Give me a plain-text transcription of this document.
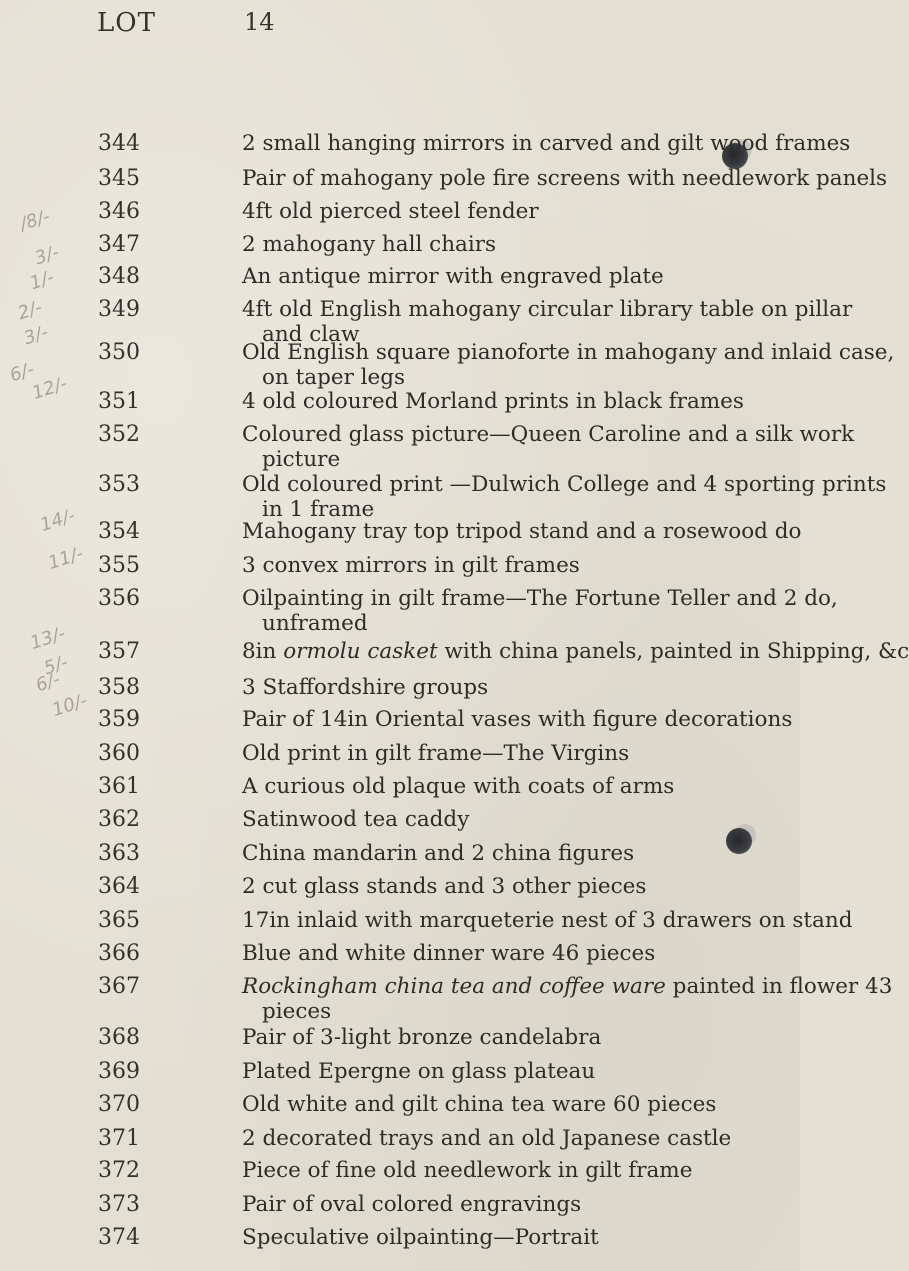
LOT	14
/8/-
3/-
1/-
2/-
3/-
6/-
12/-
14/-
11/-
13/-
5/-
6/-
10/-
344	2 small hanging mirrors in carved and gilt wood frames
345	Pair of mahogany pole fire screens with needlework panels
346	4ft old pierced steel fender
347	2 mahogany hall chairs
348	An antique mirror with engraved plate
349	4ft old English mahogany circular library table on pillar
and claw
350	Old English square pianoforte in mahogany and inlaid case,
on taper legs
351	4 old coloured Morland prints in black frames
352	Coloured glass picture—Queen Caroline and a silk work
picture
353	Old coloured print —Dulwich College and 4 sporting prints
in 1 frame
354	Mahogany tray top tripod stand and a rosewood do
355	3 convex mirrors in gilt frames
356	Oilpainting in gilt frame—The Fortune Teller and 2 do,
unframed
357	8in ormolu casket with china panels, painted in Shipping, &c
358	3 Staffordshire groups
359	Pair of 14in Oriental vases with figure decorations
360	Old print in gilt frame—The Virgins
361	A curious old plaque with coats of arms
362	Satinwood tea caddy
363	China mandarin and 2 china figures
364	2 cut glass stands and 3 other pieces
365	17in inlaid with marqueterie nest of 3 drawers on stand
366	Blue and white dinner ware 46 pieces
367	Rockingham china tea and coffee ware painted in flower 43
pieces
368	Pair of 3-light bronze candelabra
369	Plated Epergne on glass plateau
370	Old white and gilt china tea ware 60 pieces
371	2 decorated trays and an old Japanese castle
372	Piece of fine old needlework in gilt frame
373	Pair of oval colored engravings
374	Speculative oilpainting—Portrait
